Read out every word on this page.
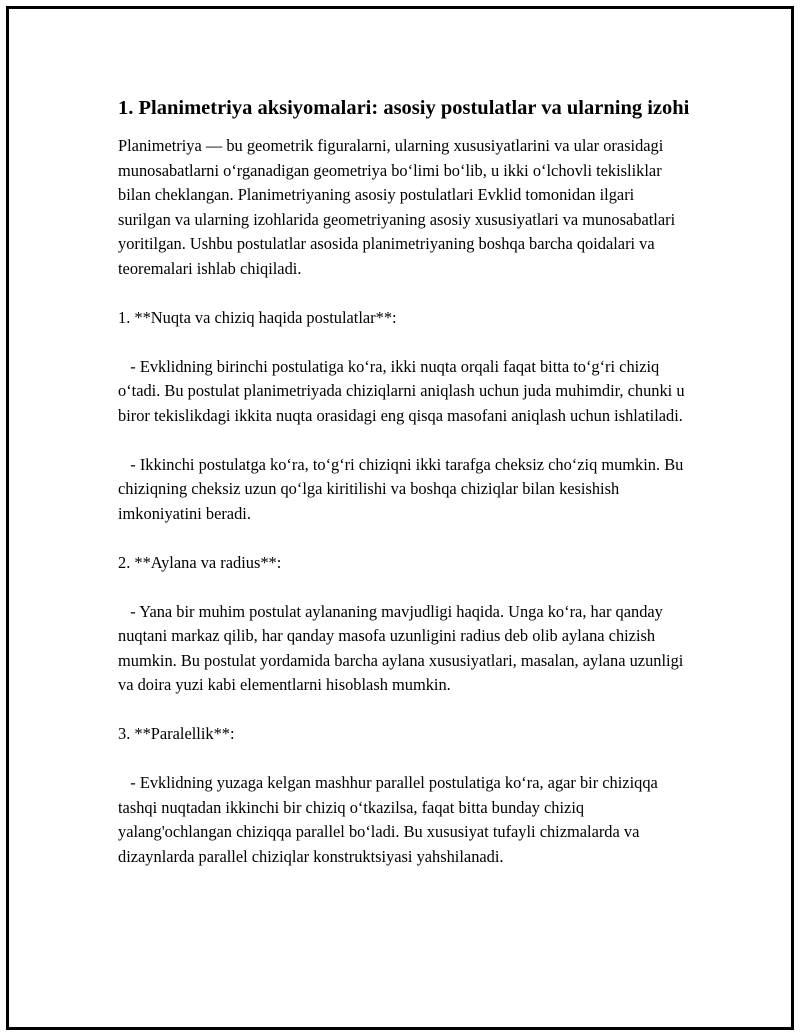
1. Planimetriya aksiyomalari: asosiy postulatlar va ularning izohi

Planimetriya — bu geometrik figuralarni, ularning xususiyatlarini va ular orasidagi munosabatlarni oʻrganadigan geometriya boʻlimi boʻlib, u ikki oʻlchovli tekisliklar bilan cheklangan. Planimetriyaning asosiy postulatlari Evklid tomonidan ilgari surilgan va ularning izohlarida geometriyaning asosiy xususiyatlari va munosabatlari yoritilgan. Ushbu postulatlar asosida planimetriyaning boshqa barcha qoidalari va teoremalari ishlab chiqiladi.

1. **Nuqta va chiziq haqida postulatlar**:

- Evklidning birinchi postulatiga koʻra, ikki nuqta orqali faqat bitta toʻgʻri chiziq oʻtadi. Bu postulat planimetriyada chiziqlarni aniqlash uchun juda muhimdir, chunki u biror tekislikdagi ikkita nuqta orasidagi eng qisqa masofani aniqlash uchun ishlatiladi.

- Ikkinchi postulatga koʻra, toʻgʻri chiziqni ikki tarafga cheksiz choʻziq mumkin. Bu chiziqning cheksiz uzun qoʻlga kiritilishi va boshqa chiziqlar bilan kesishish imkoniyatini beradi.

2. **Aylana va radius**:

- Yana bir muhim postulat aylananing mavjudligi haqida. Unga koʻra, har qanday nuqtani markaz qilib, har qanday masofa uzunligini radius deb olib aylana chizish mumkin. Bu postulat yordamida barcha aylana xususiyatlari, masalan, aylana uzunligi va doira yuzi kabi elementlarni hisoblash mumkin.

3. **Paralellik**:

- Evklidning yuzaga kelgan mashhur parallel postulatiga koʻra, agar bir chiziqqa tashqi nuqtadan ikkinchi bir chiziq oʻtkazilsa, faqat bitta bunday chiziq yalang'ochlangan chiziqqa parallel boʻladi. Bu xususiyat tufayli chizmalarda va dizaynlarda parallel chiziqlar konstruktsiyasi yahshilanadi.
